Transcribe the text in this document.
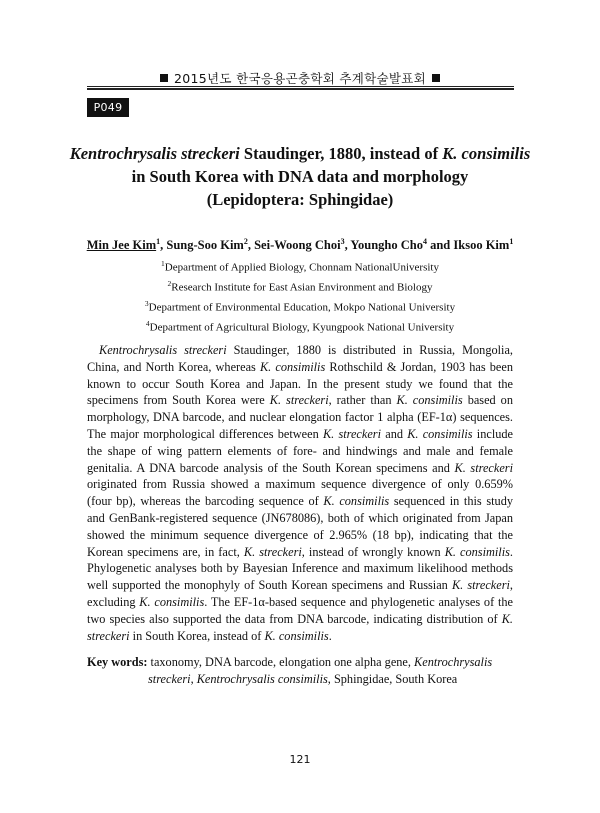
2015년도 한국응용곤충학회 추계학술발표회
P049
Kentrochrysalis streckeri Staudinger, 1880, instead of K. consimilis
in South Korea with DNA data and morphology
(Lepidoptera: Sphingidae)

Min Jee Kim$^1$, Sung-Soo Kim$^2$, Sei-Woong Choi$^3$, Youngho Cho$^4$ and Iksoo Kim$^1$

$^1$Department of Applied Biology, Chonnam NationalUniversity
$^2$Research Institute for East Asian Environment and Biology
$^3$Department of Environmental Education, Mokpo National University
$^4$Department of Agricultural Biology, Kyungpook National University

Kentrochrysalis streckeri Staudinger, 1880 is distributed in Russia, Mongolia, China, and North Korea, whereas K. consimilis Rothschild & Jordan, 1903 has been known to occur South Korea and Japan. In the present study we found that the specimens from South Korea were K. streckeri, rather than K. consimilis based on morphology, DNA barcode, and nuclear elongation factor 1 alpha (EF-1α) sequences. The major morphological differences between K. streckeri and K. consimilis include the shape of wing pattern elements of fore- and hindwings and male and female genitalia. A DNA barcode analysis of the South Korean specimens and K. streckeri originated from Russia showed a maximum sequence divergence of only 0.659% (four bp), whereas the barcoding sequence of K. consimilis sequenced in this study and GenBank-registered sequence (JN678086), both of which originated from Japan showed the minimum sequence divergence of 2.965% (18 bp), indicating that the Korean specimens are, in fact, K. streckeri, instead of wrongly known K. consimilis. Phylogenetic analyses both by Bayesian Inference and maximum likelihood methods well supported the monophyly of South Korean specimens and Russian K. streckeri, excluding K. consimilis. The EF-1α-based sequence and phylogenetic analyses of the two species also supported the data from DNA barcode, indicating distribution of K. streckeri in South Korea, instead of K. consimilis.

Key words: taxonomy, DNA barcode, elongation one alpha gene, Kentrochrysalis
streckeri, Kentrochrysalis consimilis, Sphingidae, South Korea

121
